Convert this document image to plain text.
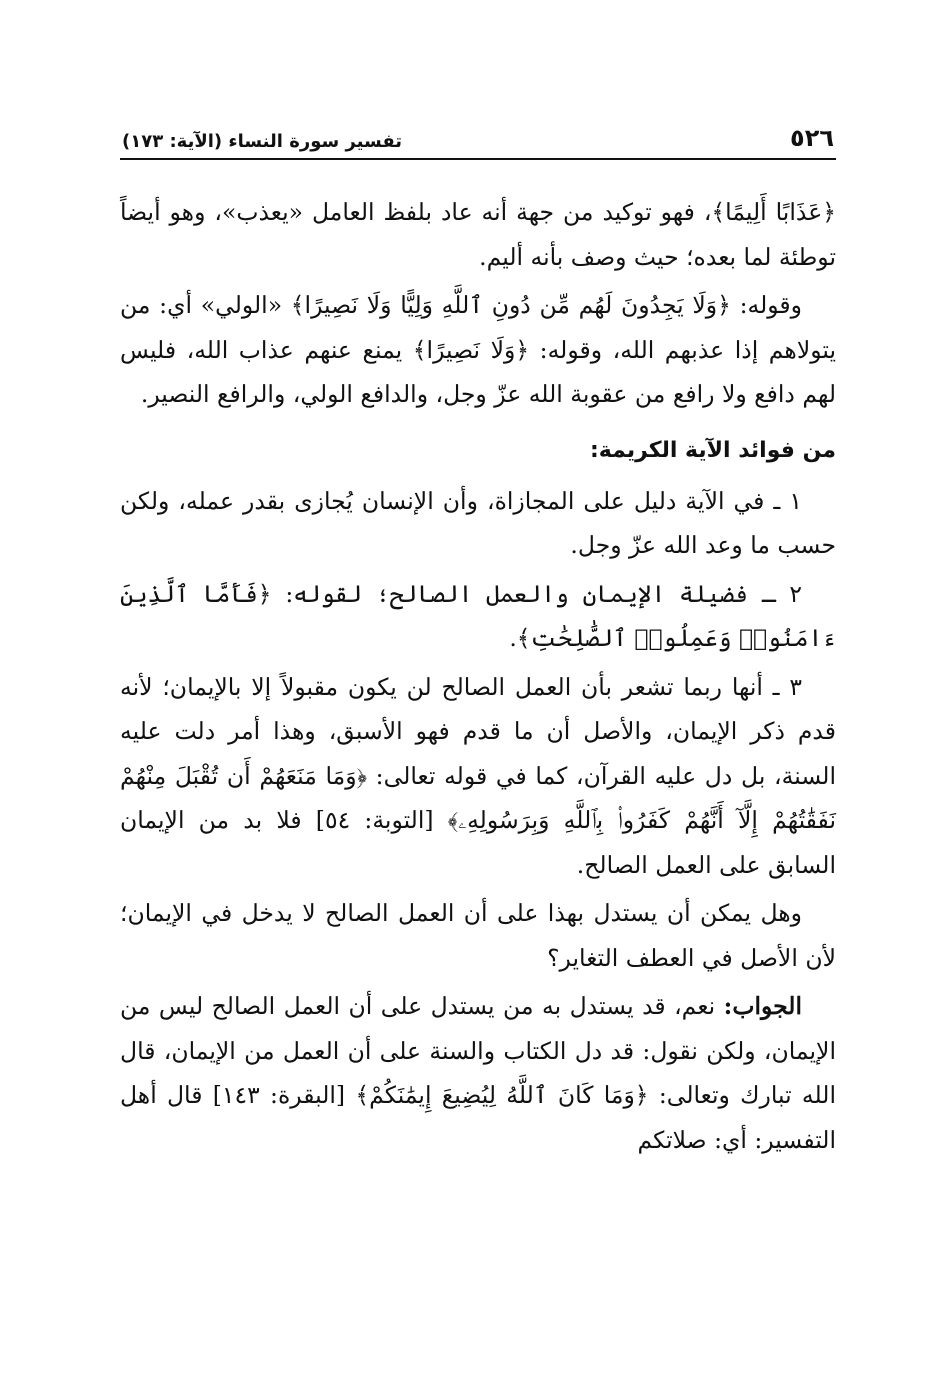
٥٢٦
تفسير سورة النساء (الآية: ١٧٣)

﴿عَذَابًا أَلِيمًا﴾، فهو توكيد من جهة أنه عاد بلفظ العامل «يعذب»، وهو أيضاً توطئة لما بعده؛ حيث وصف بأنه أليم.

وقوله: ﴿وَلَا يَجِدُونَ لَهُم مِّن دُونِ ٱللَّهِ وَلِيًّا وَلَا نَصِيرًا﴾ «الولي» أي: من يتولاهم إذا عذبهم الله، وقوله: ﴿وَلَا نَصِيرًا﴾ يمنع عنهم عذاب الله، فليس لهم دافع ولا رافع من عقوبة الله عزّ وجل، والدافع الولي، والرافع النصير.

من فوائد الآية الكريمة:

١ ـ في الآية دليل على المجازاة، وأن الإنسان يُجازى بقدر عمله، ولكن حسب ما وعد الله عزّ وجل.

٢ ـ فضيلة الإيمان والعمل الصالح؛ لقوله: ﴿فَأَمَّا ٱلَّذِينَ ءَامَنُوا۟ وَعَمِلُوا۟ ٱلصَّٰلِحَٰتِ﴾.

٣ ـ أنها ربما تشعر بأن العمل الصالح لن يكون مقبولاً إلا بالإيمان؛ لأنه قدم ذكر الإيمان، والأصل أن ما قدم فهو الأسبق، وهذا أمر دلت عليه السنة، بل دل عليه القرآن، كما في قوله تعالى: ﴿وَمَا مَنَعَهُمْ أَن تُقْبَلَ مِنْهُمْ نَفَقَٰتُهُمْ إِلَّآ أَنَّهُمْ كَفَرُوا۟ بِٱللَّهِ وَبِرَسُولِهِۦ﴾ [التوبة: ٥٤] فلا بد من الإيمان السابق على العمل الصالح.

وهل يمكن أن يستدل بهذا على أن العمل الصالح لا يدخل في الإيمان؛ لأن الأصل في العطف التغاير؟

الجواب: نعم، قد يستدل به من يستدل على أن العمل الصالح ليس من الإيمان، ولكن نقول: قد دل الكتاب والسنة على أن العمل من الإيمان، قال الله تبارك وتعالى: ﴿وَمَا كَانَ ٱللَّهُ لِيُضِيعَ إِيمَٰنَكُمْ﴾ [البقرة: ١٤٣] قال أهل التفسير: أي: صلاتكم
